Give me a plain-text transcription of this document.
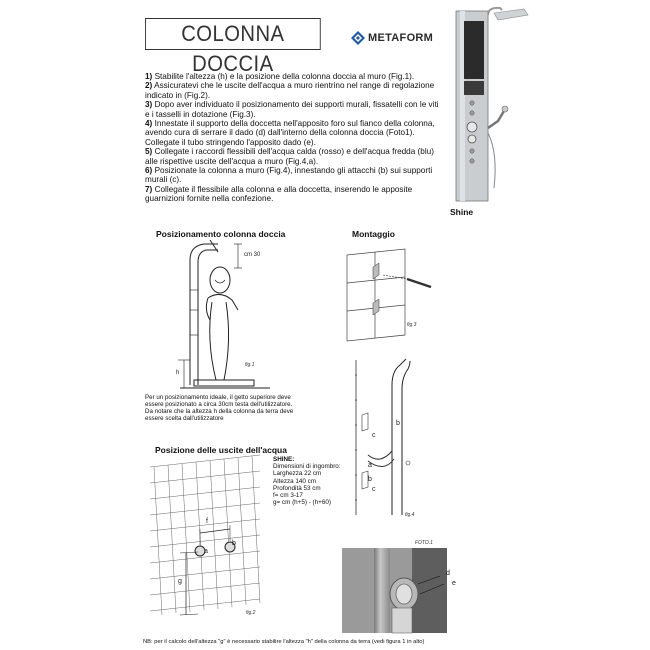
COLONNA DOCCIA
METAFORM
Shine

1) Stabilite l'altezza (h) e la posizione della colonna doccia al muro (Fig.1).

2) Assicuratevi che le uscite dell'acqua a muro rientrino nel range di regolazione indicato in (Fig.2).

3) Dopo aver individuato il posizionamento dei supporti murali, fissatelli con le viti e i tasselli in dotazione (Fig.3).

4) Innestate il supporto della doccetta nell'apposito foro sul fianco della colonna, avendo cura di serrare il dado (d) dall'interno della colonna doccia (Foto1). Collegate il tubo stringendo l'apposito dado (e).

5) Collegate i raccordi flessibili dell'acqua calda (rosso) e dell'acqua fredda (blu) alle rispettive uscite dell'acqua a muro (Fig.4,a).

6) Posizionate la colonna a muro (Fig.4), innestando gli attacchi (b) sui supporti murali (c).

7) Collegate il flessibile alla colonna e alla doccetta, inserendo le apposite guarnizioni fornite nella confezione.

Posizionamento colonna doccia
cm 30
h
fig.1
Per un posizionamento ideale, il getto superiore deve essere posizionato a circa 30cm testa dell'utilizzatore. Da notare che la altezza h della colonna da terra deve essere scelta dall'utilizzatore
Montaggio
fig.3
c
b
a
b
c
fig.4
FOTO.1
d
e
Posizione delle uscite dell'acqua
f
g
a
b
fig.2
SHINE:
Dimensioni di ingombro:
Larghezza 22 cm
Altezza 140 cm
Profondità 53 cm
f= cm 3-17
g= cm (h+5) - (h+60)
NB: per il calcolo dell'altezza "g" è necessario stabilire l'altezza "h" della colonna da terra (vedi figura 1 in alto)
